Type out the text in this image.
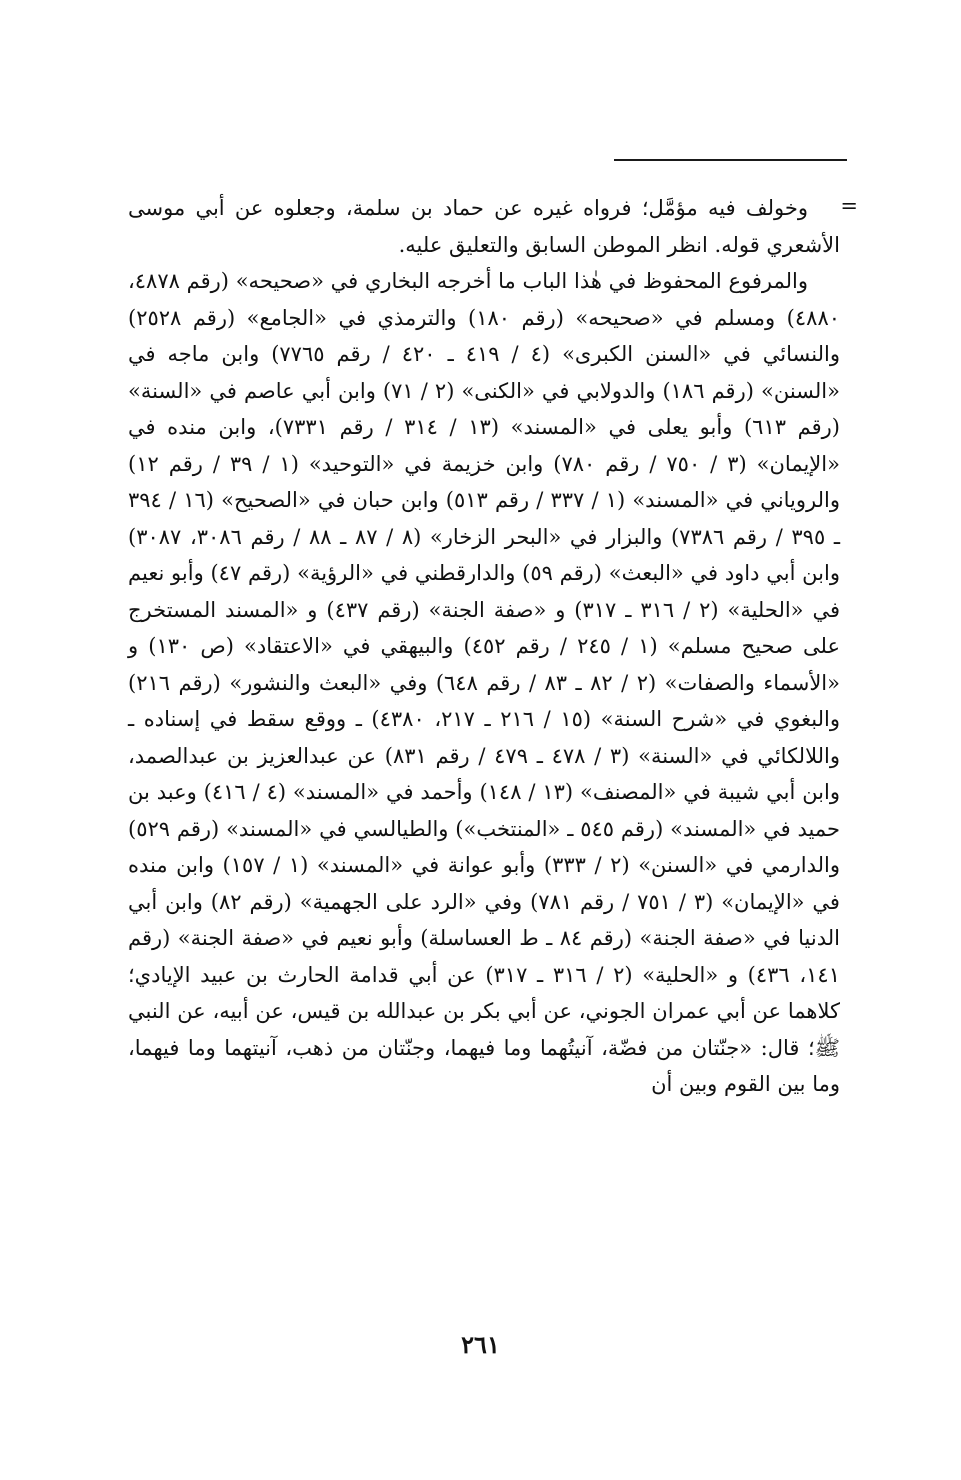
=

وخولف فيه مؤمَّل؛ فرواه غيره عن حماد بن سلمة، وجعلوه عن أبي موسى الأشعري قوله. انظر الموطن السابق والتعليق عليه.

والمرفوع المحفوظ في هٰذا الباب ما أخرجه البخاري في «صحيحه» (رقم ٤٨٧٨، ٤٨٨٠) ومسلم في «صحيحه» (رقم ١٨٠) والترمذي في «الجامع» (رقم ٢٥٢٨) والنسائي في «السنن الكبرى» (٤ / ٤١٩ ـ ٤٢٠ / رقم ٧٧٦٥) وابن ماجه في «السنن» (رقم ١٨٦) والدولابي في «الكنى» (٢ / ٧١) وابن أبي عاصم في «السنة» (رقم ٦١٣) وأبو يعلى في «المسند» (١٣ / ٣١٤ / رقم ٧٣٣١)، وابن منده في «الإيمان» (٣ / ٧٥٠ / رقم ٧٨٠) وابن خزيمة في «التوحيد» (١ / ٣٩ / رقم ١٢) والروياني في «المسند» (١ / ٣٣٧ / رقم ٥١٣) وابن حبان في «الصحيح» (١٦ / ٣٩٤ ـ ٣٩٥ / رقم ٧٣٨٦) والبزار في «البحر الزخار» (٨ / ٨٧ ـ ٨٨ / رقم ٣٠٨٦، ٣٠٨٧) وابن أبي داود في «البعث» (رقم ٥٩) والدارقطني في «الرؤية» (رقم ٤٧) وأبو نعيم في «الحلية» (٢ / ٣١٦ ـ ٣١٧) و «صفة الجنة» (رقم ٤٣٧) و «المسند المستخرج على صحيح مسلم» (١ / ٢٤٥ / رقم ٤٥٢) والبيهقي في «الاعتقاد» (ص ١٣٠) و «الأسماء والصفات» (٢ / ٨٢ ـ ٨٣ / رقم ٦٤٨) وفي «البعث والنشور» (رقم ٢١٦) والبغوي في «شرح السنة» (١٥ / ٢١٦ ـ ٢١٧، ٤٣٨٠) ـ ووقع سقط في إسناده ـ واللالكائي في «السنة» (٣ / ٤٧٨ ـ ٤٧٩ / رقم ٨٣١) عن عبدالعزيز بن عبدالصمد، وابن أبي شيبة في «المصنف» (١٣ / ١٤٨) وأحمد في «المسند» (٤ / ٤١٦) وعبد بن حميد في «المسند» (رقم ٥٤٥ ـ «المنتخب») والطيالسي في «المسند» (رقم ٥٢٩) والدارمي في «السنن» (٢ / ٣٣٣) وأبو عوانة في «المسند» (١ / ١٥٧) وابن منده في «الإيمان» (٣ / ٧٥١ / رقم ٧٨١) وفي «الرد على الجهمية» (رقم ٨٢) وابن أبي الدنيا في «صفة الجنة» (رقم ٨٤ ـ ط العساسلة) وأبو نعيم في «صفة الجنة» (رقم ١٤١، ٤٣٦) و «الحلية» (٢ / ٣١٦ ـ ٣١٧) عن أبي قدامة الحارث بن عبيد الإيادي؛ كلاهما عن أبي عمران الجوني، عن أبي بكر بن عبدالله بن قيس، عن أبيه، عن النبي ﷺ؛ قال: «جنّتان من فضّة، آنيتُهما وما فيهما، وجنّتان من ذهب، آنيتهما وما فيهما، وما بين القوم وبين أن

٢٦١
